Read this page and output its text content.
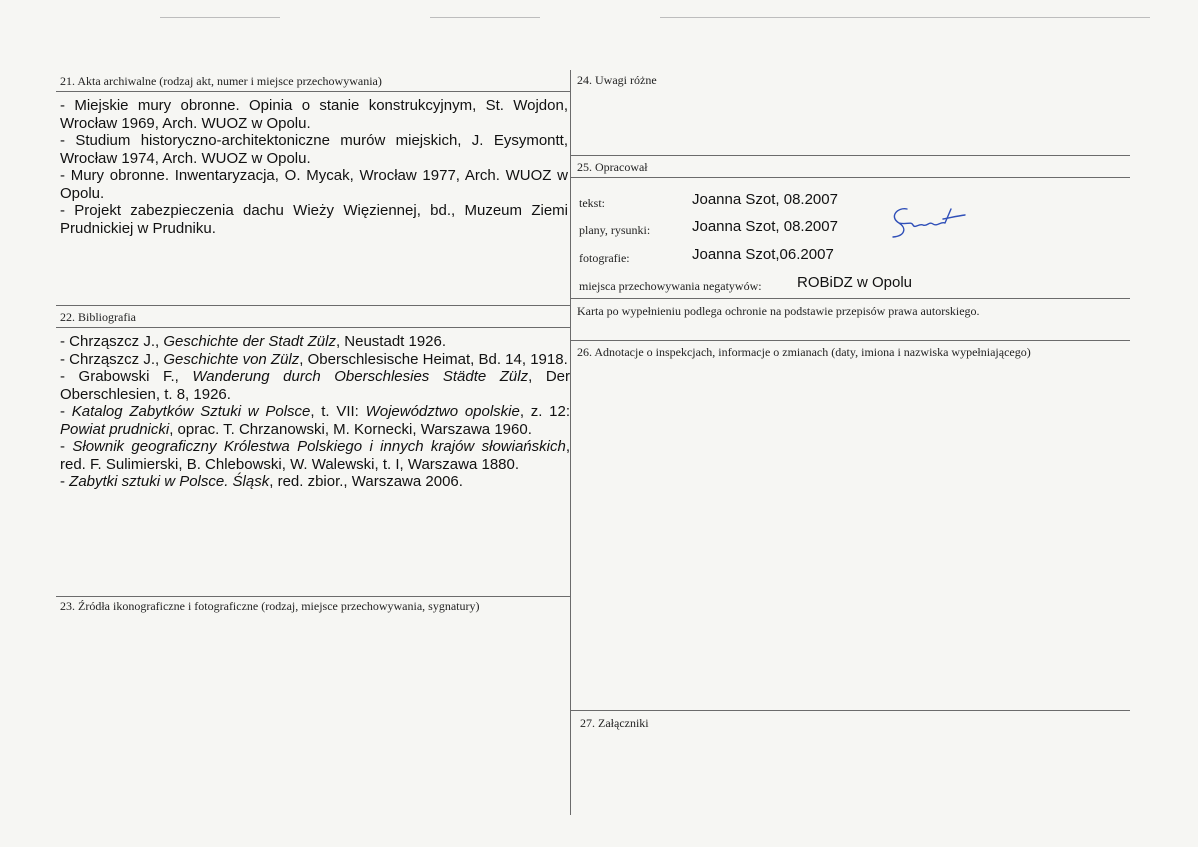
21. Akta archiwalne (rodzaj akt, numer i miejsce przechowywania)
- Miejskie mury obronne. Opinia o stanie konstrukcyjnym, St. Wojdon, Wrocław 1969, Arch. WUOZ w Opolu.
- Studium historyczno-architektoniczne murów miejskich, J. Eysymontt, Wrocław 1974, Arch. WUOZ w Opolu.
- Mury obronne. Inwentaryzacja, O. Mycak, Wrocław 1977, Arch. WUOZ w Opolu.
- Projekt zabezpieczenia dachu Wieży Więziennej, bd., Muzeum Ziemi Prudnickiej w Prudniku.
22. Bibliografia
- Chrząszcz J., Geschichte der Stadt Zülz, Neustadt 1926.
- Chrząszcz J., Geschichte von Zülz, Oberschlesische Heimat, Bd. 14, 1918.
- Grabowski F., Wanderung durch Oberschlesies Städte Zülz, Der Oberschlesien, t. 8, 1926.
- Katalog Zabytków Sztuki w Polsce, t. VII: Województwo opolskie, z. 12: Powiat prudnicki, oprac. T. Chrzanowski, M. Kornecki, Warszawa 1960.
- Słownik geograficzny Królestwa Polskiego i innych krajów słowiańskich, red. F. Sulimierski, B. Chlebowski, W. Walewski, t. I, Warszawa 1880.
- Zabytki sztuki w Polsce. Śląsk, red. zbior., Warszawa 2006.
23. Źródła ikonograficzne i fotograficzne (rodzaj, miejsce przechowywania, sygnatury)
24. Uwagi różne
25. Opracował
tekst:	Joanna Szot, 08.2007
plany, rysunki:	Joanna Szot, 08.2007
fotografie:	Joanna Szot,06.2007
miejsca przechowywania negatywów: ROBiDZ w Opolu
Karta po wypełnieniu podlega ochronie na podstawie przepisów prawa autorskiego.
26. Adnotacje o inspekcjach, informacje o zmianach (daty, imiona i nazwiska wypełniającego)
27. Załączniki
